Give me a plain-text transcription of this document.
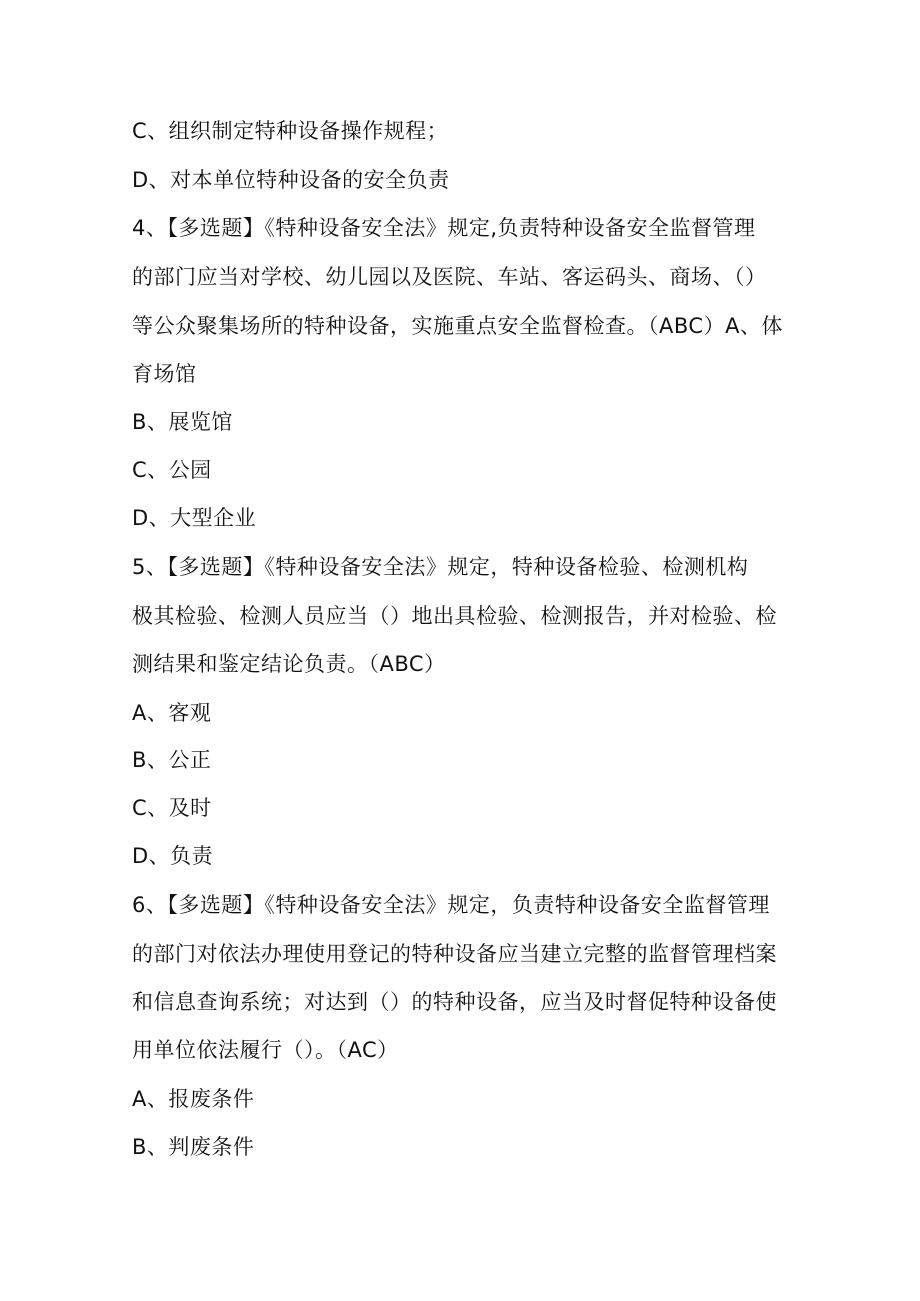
C、组织制定特种设备操作规程；
D、对本单位特种设备的安全负责
4、【多选题】《特种设备安全法》规定,负责特种设备安全监督管理
的部门应当对学校、幼儿园以及医院、车站、客运码头、商场、（）
等公众聚集场所的特种设备，实施重点安全监督检查。（ABC）A、体
育场馆
B、展览馆
C、公园
D、大型企业
5、【多选题】《特种设备安全法》规定，特种设备检验、检测机构
极其检验、检测人员应当（）地出具检验、检测报告，并对检验、检
测结果和鉴定结论负责。（ABC）
A、客观
B、公正
C、及时
D、负责
6、【多选题】《特种设备安全法》规定，负责特种设备安全监督管理
的部门对依法办理使用登记的特种设备应当建立完整的监督管理档案
和信息查询系统；对达到（）的特种设备，应当及时督促特种设备使
用单位依法履行（）。（AC）
A、报废条件
B、判废条件
